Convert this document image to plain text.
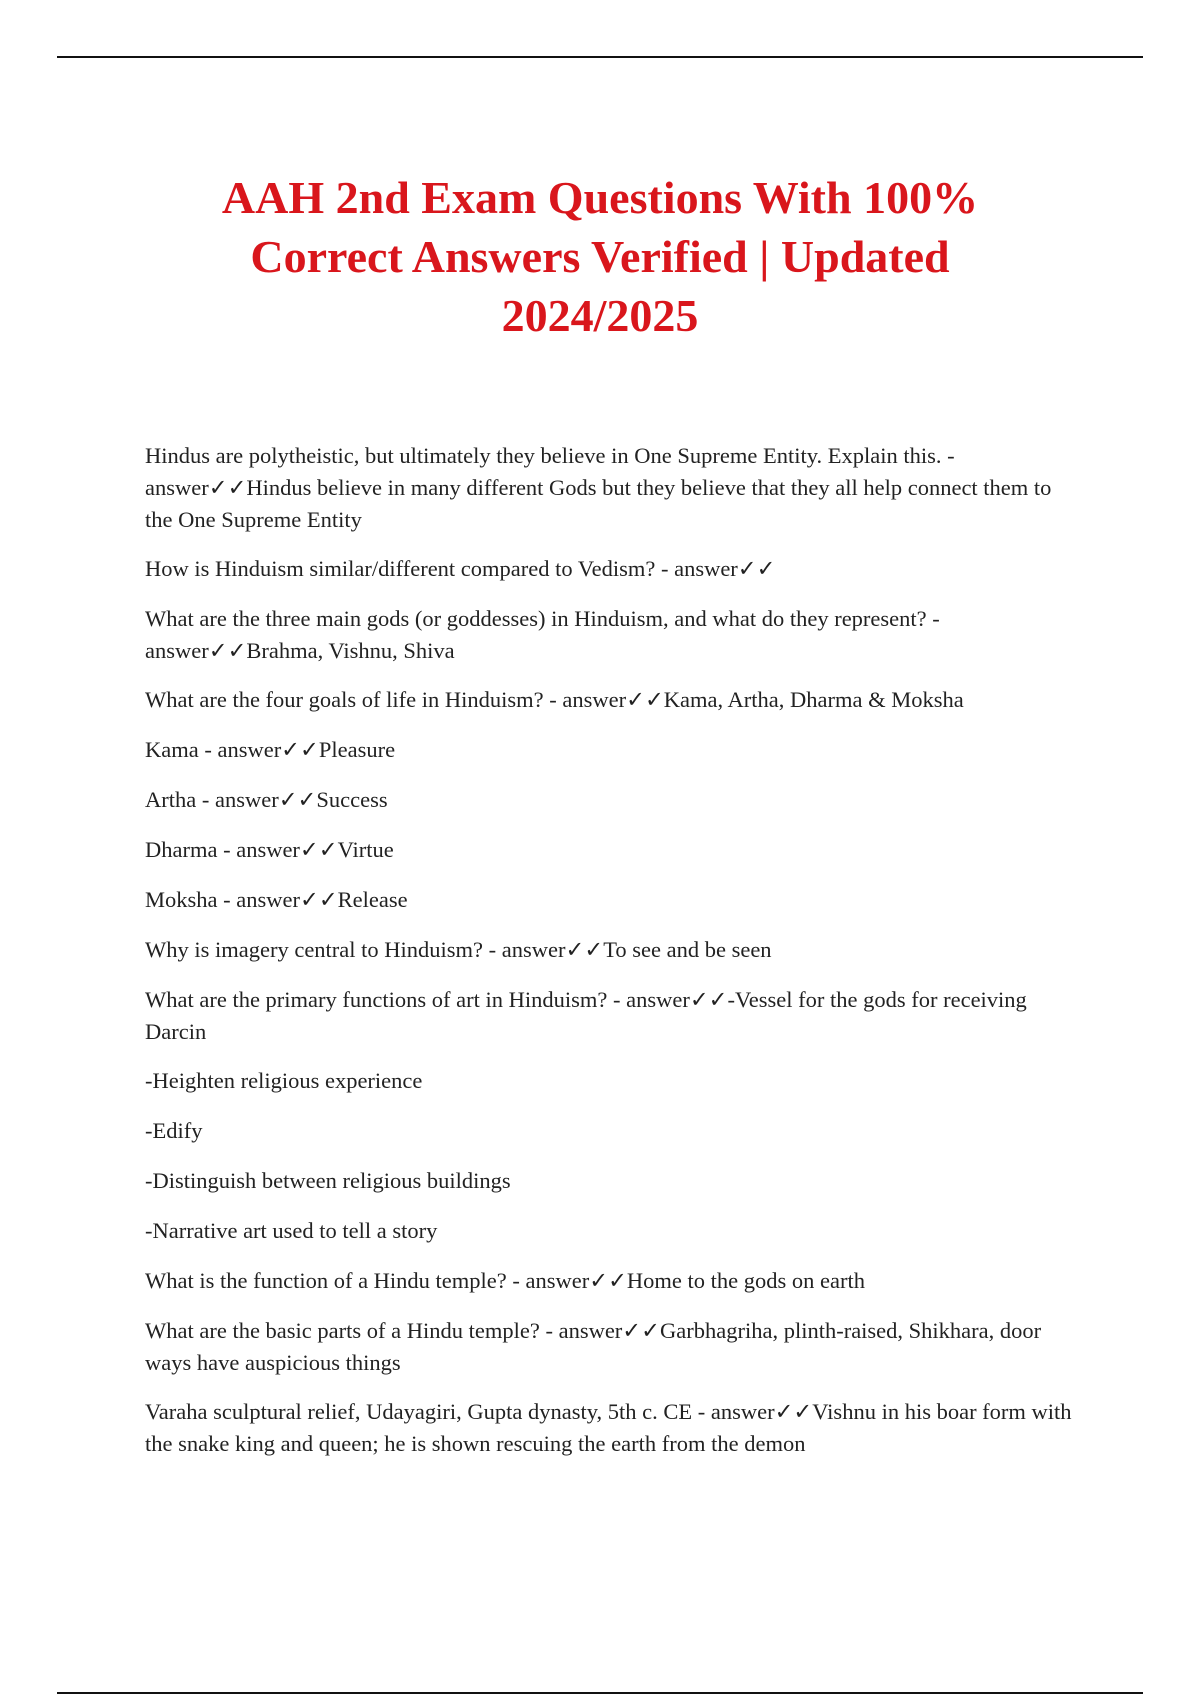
AAH 2nd Exam Questions With 100%
Correct Answers Verified | Updated
2024/2025

Hindus are polytheistic, but ultimately they believe in One Supreme Entity. Explain this. - answer✓✓Hindus believe in many different Gods but they believe that they all help connect them to the One Supreme Entity

How is Hinduism similar/different compared to Vedism? - answer✓✓

What are the three main gods (or goddesses) in Hinduism, and what do they represent? - answer✓✓Brahma, Vishnu, Shiva

What are the four goals of life in Hinduism? - answer✓✓Kama, Artha, Dharma & Moksha

Kama - answer✓✓Pleasure

Artha - answer✓✓Success

Dharma - answer✓✓Virtue

Moksha - answer✓✓Release

Why is imagery central to Hinduism? - answer✓✓To see and be seen

What are the primary functions of art in Hinduism? - answer✓✓-Vessel for the gods for receiving Darcin

-Heighten religious experience

-Edify

-Distinguish between religious buildings

-Narrative art used to tell a story

What is the function of a Hindu temple? - answer✓✓Home to the gods on earth

What are the basic parts of a Hindu temple? - answer✓✓Garbhagriha, plinth-raised, Shikhara, door ways have auspicious things

Varaha sculptural relief, Udayagiri, Gupta dynasty, 5th c. CE - answer✓✓Vishnu in his boar form with the snake king and queen; he is shown rescuing the earth from the demon
